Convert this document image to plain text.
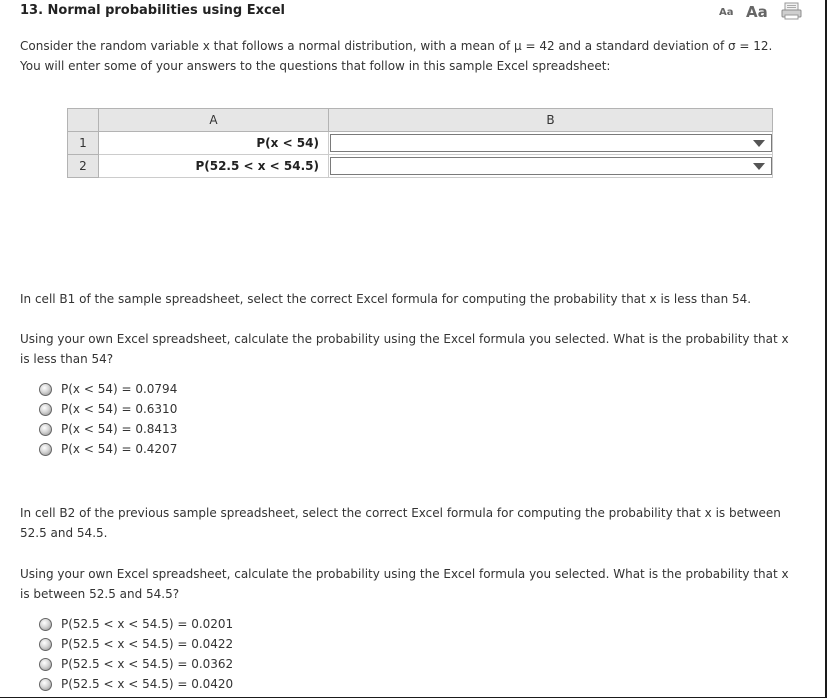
13. Normal probabilities using Excel	Aa Aa
Consider the random variable x that follows a normal distribution, with a mean of μ = 42 and a standard deviation of σ = 12.
You will enter some of your answers to the questions that follow in this sample Excel spreadsheet:
	A	B
1	P(x < 54)	

2	P(52.5 < x < 54.5)	
In cell B1 of the sample spreadsheet, select the correct Excel formula for computing the probability that x is less than 54.
Using your own Excel spreadsheet, calculate the probability using the Excel formula you selected. What is the probability that x
is less than 54?
P(x < 54) = 0.0794
P(x < 54) = 0.6310
P(x < 54) = 0.8413
P(x < 54) = 0.4207
In cell B2 of the previous sample spreadsheet, select the correct Excel formula for computing the probability that x is between
52.5 and 54.5.
Using your own Excel spreadsheet, calculate the probability using the Excel formula you selected. What is the probability that x
is between 52.5 and 54.5?
P(52.5 < x < 54.5) = 0.0201
P(52.5 < x < 54.5) = 0.0422
P(52.5 < x < 54.5) = 0.0362
P(52.5 < x < 54.5) = 0.0420
